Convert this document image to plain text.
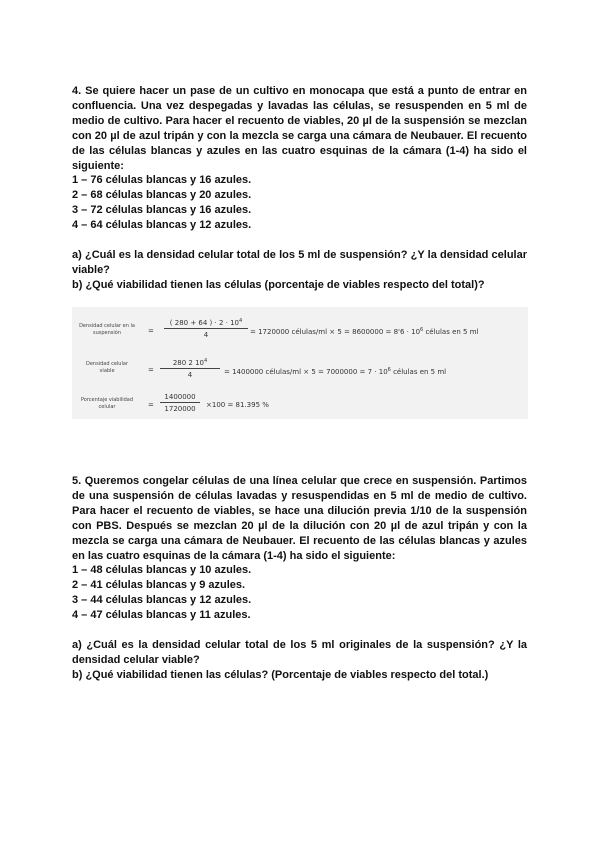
4. Se quiere hacer un pase de un cultivo en monocapa que está a punto de entrar en confluencia. Una vez despegadas y lavadas las células, se resuspenden en 5 ml de medio de cultivo. Para hacer el recuento de viables, 20 µl de la suspensión se mezclan con 20 µl de azul tripán y con la mezcla se carga una cámara de Neubauer. El recuento de las células blancas y azules en las cuatro esquinas de la cámara (1-4) ha sido el siguiente:

1 – 76 células blancas y 16 azules.

2 – 68 células blancas y 20 azules.

3 – 72 células blancas y 16 azules.

4 – 64 células blancas y 12 azules.

a) ¿Cuál es la densidad celular total de los 5 ml de suspensión? ¿Y la densidad celular viable?

b) ¿Qué viabilidad tienen las células (porcentaje de viables respecto del total)?

Densidad celular en la suspensión	= $\frac{( 280 + 64 ) \cdot 2 \cdot 10^4}{4} = 1720000$ células/ml × $5 = 8600000 = 8'6 \cdot 10^6$ células en 5 ml
Densidad celular viable	= $\frac{280 2 10^4}{4} = 1400000$ células/ml × $5 = 7000000 = 7 \cdot 10^6$ células en 5 ml
Porcentaje viabilidad celular	= $\frac{1400000}{1720000} \times 100 = 81.395$ %

5. Queremos congelar células de una línea celular que crece en suspensión. Partimos de una suspensión de células lavadas y resuspendidas en 5 ml de medio de cultivo. Para hacer el recuento de viables, se hace una dilución previa 1/10 de la suspensión con PBS. Después se mezclan 20 µl de la dilución con 20 µl de azul tripán y con la mezcla se carga una cámara de Neubauer. El recuento de las células blancas y azules en las cuatro esquinas de la cámara (1-4) ha sido el siguiente:

1 – 48 células blancas y 10 azules.

2 – 41 células blancas y 9 azules.

3 – 44 células blancas y 12 azules.

4 – 47 células blancas y 11 azules.

a) ¿Cuál es la densidad celular total de los 5 ml originales de la suspensión? ¿Y la densidad celular viable?

b) ¿Qué viabilidad tienen las células? (Porcentaje de viables respecto del total.)
